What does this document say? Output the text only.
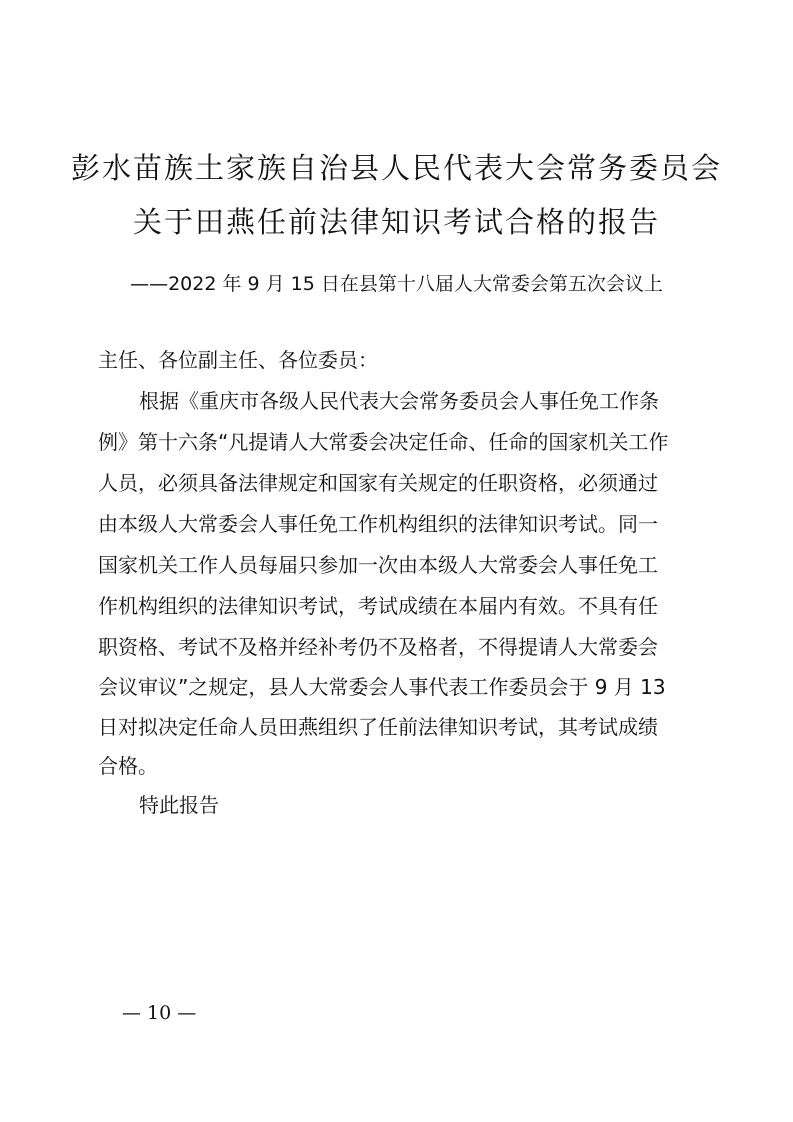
彭水苗族土家族自治县人民代表大会常务委员会
关于田燕任前法律知识考试合格的报告
——2022 年 9 月 15 日在县第十八届人大常委会第五次会议上
主任、各位副主任、各位委员：
根据《重庆市各级人民代表大会常务委员会人事任免工作条
例》第十六条“凡提请人大常委会决定任命、任命的国家机关工作
人员，必须具备法律规定和国家有关规定的任职资格，必须通过
由本级人大常委会人事任免工作机构组织的法律知识考试。同一
国家机关工作人员每届只参加一次由本级人大常委会人事任免工
作机构组织的法律知识考试，考试成绩在本届内有效。不具有任
职资格、考试不及格并经补考仍不及格者，不得提请人大常委会
会议审议”之规定，县人大常委会人事代表工作委员会于 9 月 13
日对拟决定任命人员田燕组织了任前法律知识考试，其考试成绩
合格。
特此报告
— 10 —
